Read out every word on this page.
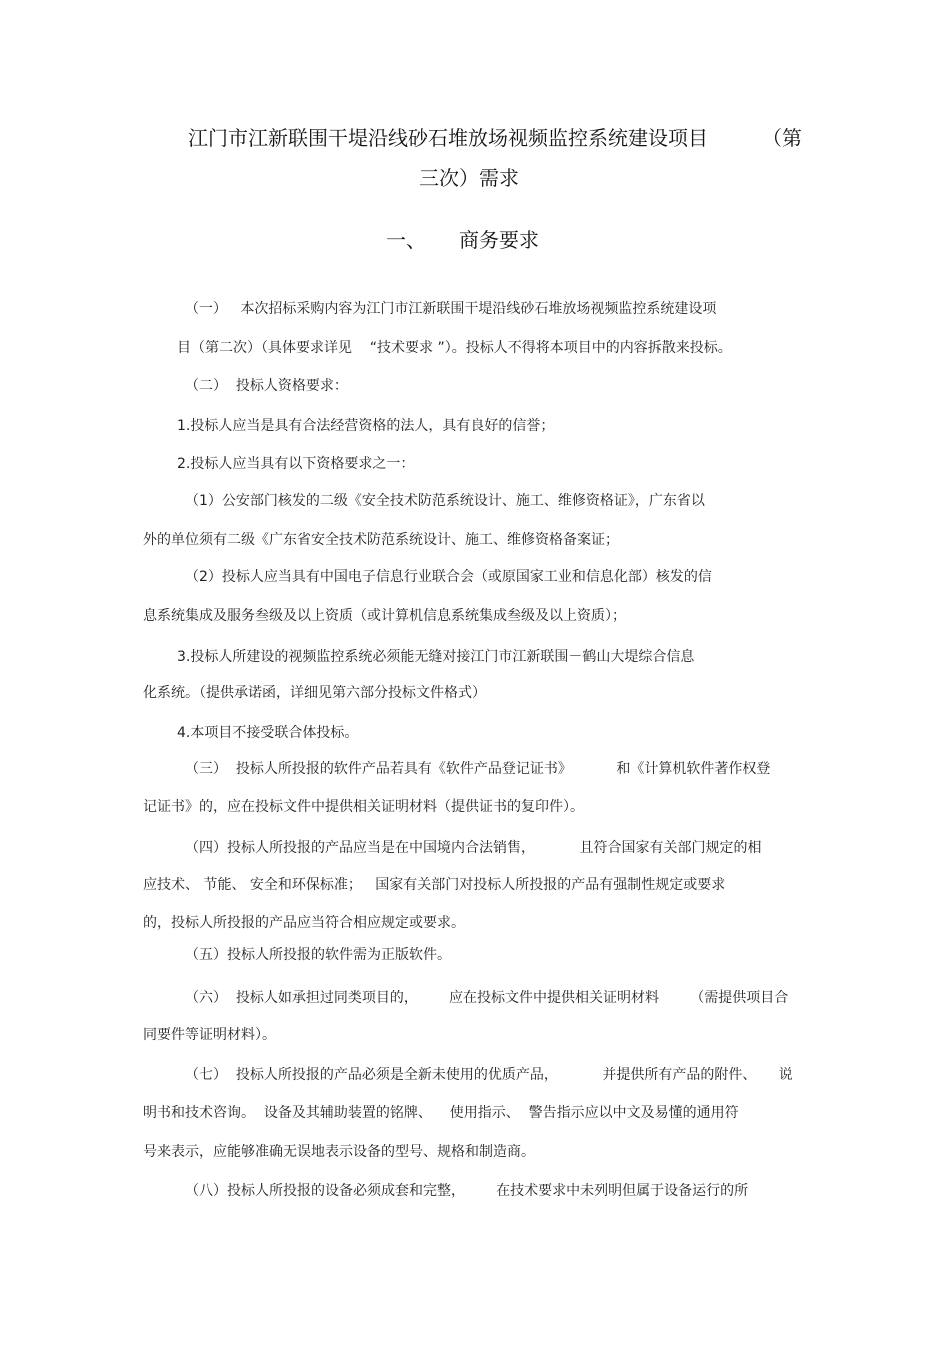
江门市江新联围干堤沿线砂石堆放场视频监控系统建设项目	（第
三次）需求
一、 商务要求
（一）   本次招标采购内容为江门市江新联围干堤沿线砂石堆放场视频监控系统建设项
目（第二次）（具体要求详见    “技术要求 ”）。投标人不得将本项目中的内容拆散来投标。
（二）  投标人资格要求：
1.投标人应当是具有合法经营资格的法人，具有良好的信誉；
2.投标人应当具有以下资格要求之一：
（1）公安部门核发的二级《安全技术防范系统设计、施工、维修资格证》，广东省以
外的单位须有二级《广东省安全技术防范系统设计、施工、维修资格备案证；
（2）投标人应当具有中国电子信息行业联合会（或原国家工业和信息化部）核发的信
息系统集成及服务叁级及以上资质（或计算机信息系统集成叁级及以上资质）；
3.投标人所建设的视频监控系统必须能无缝对接江门市江新联围－鹤山大堤综合信息
化系统。（提供承诺函，详细见第六部分投标文件格式）
4.本项目不接受联合体投标。
（三）  投标人所投报的软件产品若具有《软件产品登记证书》          和《计算机软件著作权登
记证书》的，应在投标文件中提供相关证明材料（提供证书的复印件）。
（四）投标人所投报的产品应当是在中国境内合法销售，          且符合国家有关部门规定的相
应技术、 节能、 安全和环保标准；   国家有关部门对投标人所投报的产品有强制性规定或要求
的，投标人所投报的产品应当符合相应规定或要求。
（五）投标人所投报的软件需为正版软件。
（六）  投标人如承担过同类项目的，       应在投标文件中提供相关证明材料       （需提供项目合
同要件等证明材料）。
（七）  投标人所投报的产品必须是全新未使用的优质产品，          并提供所有产品的附件、     说
明书和技术咨询。  设备及其辅助装置的铭牌、    使用指示、  警告指示应以中文及易懂的通用符
号来表示，应能够准确无误地表示设备的型号、规格和制造商。
（八）投标人所投报的设备必须成套和完整，       在技术要求中未列明但属于设备运行的所
